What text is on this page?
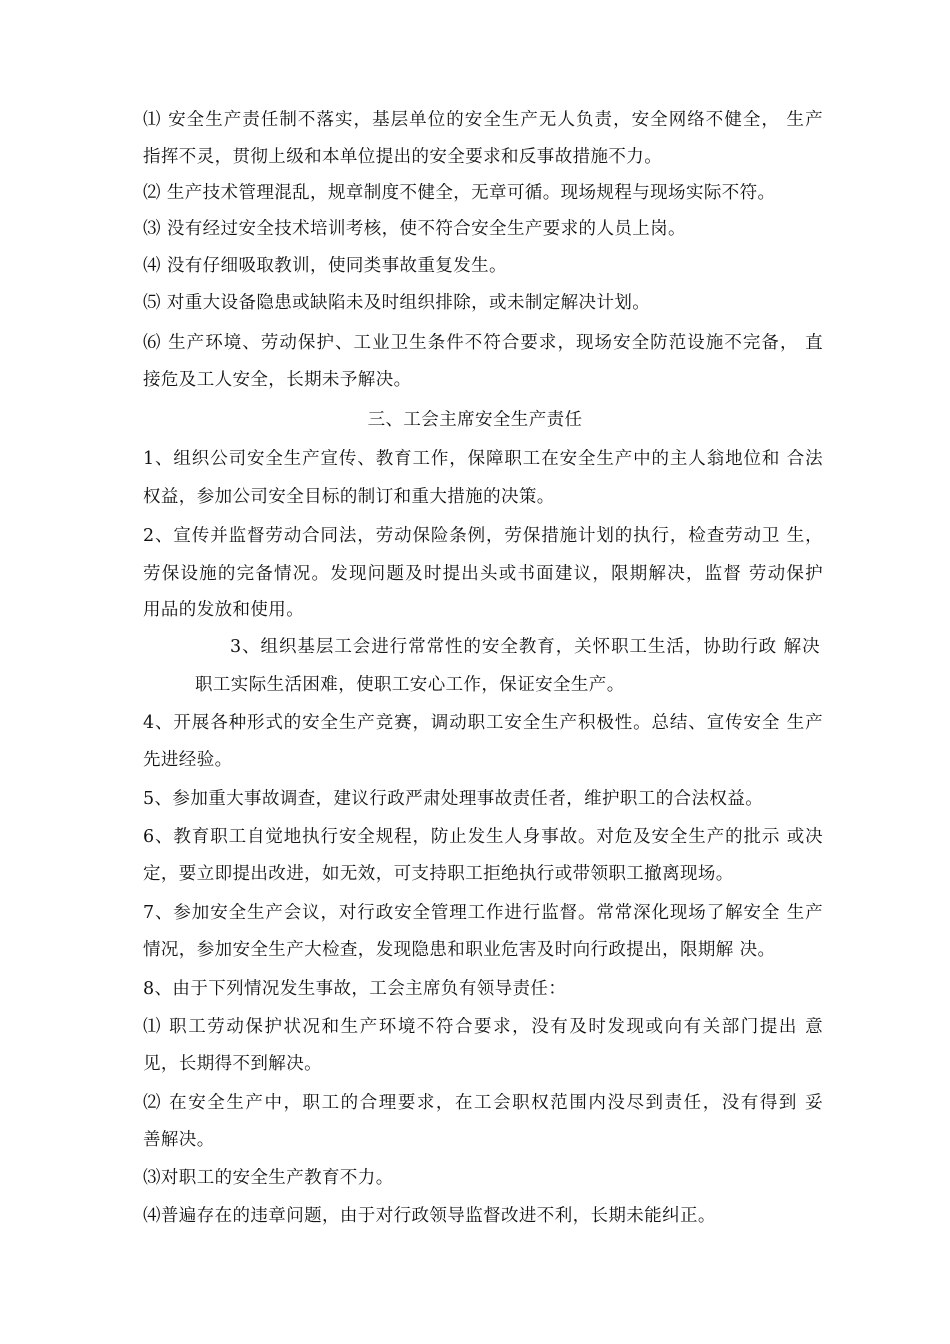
⑴ 安全生产责任制不落实，基层单位的安全生产无人负责，安全网络不健全， 生产
指挥不灵，贯彻上级和本单位提出的安全要求和反事故措施不力。
⑵ 生产技术管理混乱，规章制度不健全，无章可循。现场规程与现场实际不符。
⑶ 没有经过安全技术培训考核，使不符合安全生产要求的人员上岗。
⑷ 没有仔细吸取教训，使同类事故重复发生。
⑸ 对重大设备隐患或缺陷未及时组织排除，或未制定解决计划。
⑹ 生产环境、劳动保护、工业卫生条件不符合要求，现场安全防范设施不完备， 直
接危及工人安全，长期未予解决。
三、工会主席安全生产责任
1、组织公司安全生产宣传、教育工作，保障职工在安全生产中的主人翁地位和 合法
权益，参加公司安全目标的制订和重大措施的决策。
2、宣传并监督劳动合同法，劳动保险条例，劳保措施计划的执行，检查劳动卫 生，
劳保设施的完备情况。发现问题及时提出头或书面建议，限期解决，监督 劳动保护
用品的发放和使用。
3、组织基层工会进行常常性的安全教育，关怀职工生活，协助行政 解决
职工实际生活困难，使职工安心工作，保证安全生产。
4、开展各种形式的安全生产竞赛，调动职工安全生产积极性。总结、宣传安全 生产
先进经验。
5、参加重大事故调查，建议行政严肃处理事故责任者，维护职工的合法权益。
6、教育职工自觉地执行安全规程，防止发生人身事故。对危及安全生产的批示 或决
定，要立即提出改进，如无效，可支持职工拒绝执行或带领职工撤离现场。
7、参加安全生产会议，对行政安全管理工作进行监督。常常深化现场了解安全 生产
情况，参加安全生产大检查，发现隐患和职业危害及时向行政提出，限期解 决。
8、由于下列情况发生事故，工会主席负有领导责任：
⑴ 职工劳动保护状况和生产环境不符合要求，没有及时发现或向有关部门提出 意
见，长期得不到解决。
⑵ 在安全生产中，职工的合理要求，在工会职权范围内没尽到责任，没有得到 妥
善解决。
⑶对职工的安全生产教育不力。
⑷普遍存在的违章问题，由于对行政领导监督改进不利，长期未能纠正。
